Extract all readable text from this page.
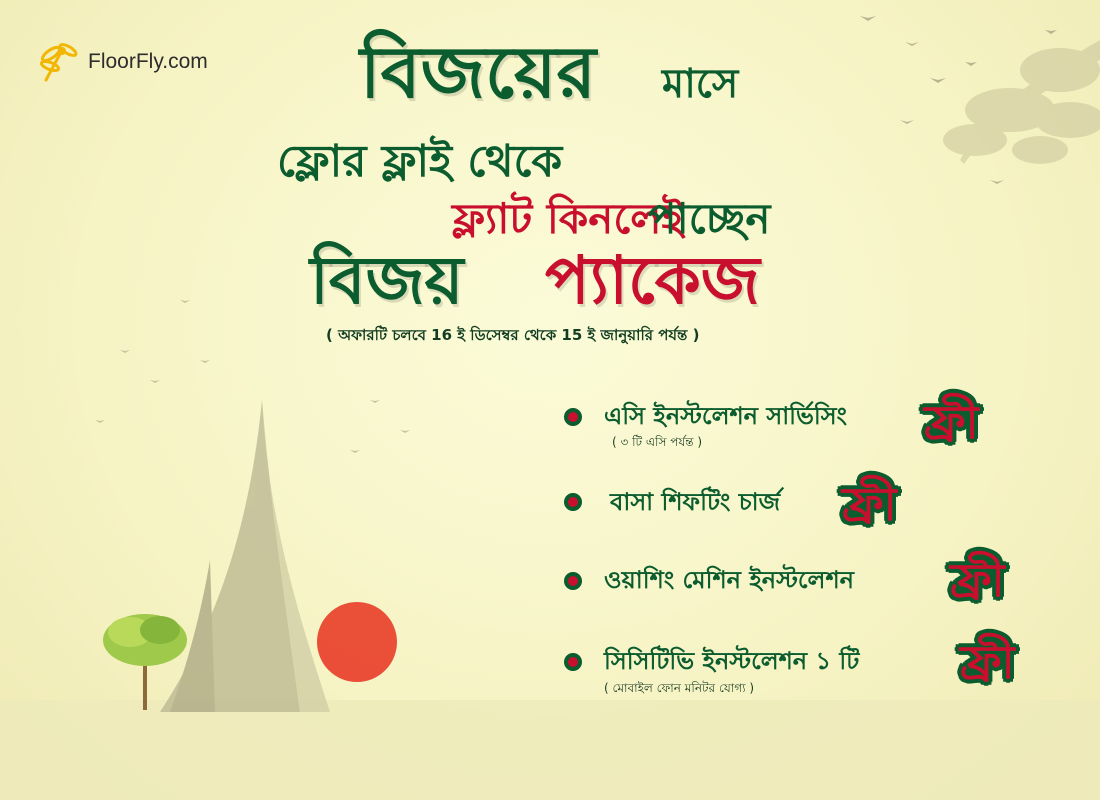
FloorFly.com বিজয়ের মাসে
ফ্লোর ফ্লাই থেকে
ফ্ল্যাট কিনলেই
পাচ্ছেন
বিজয় প্যাকেজ
( অফারটি চলবে 16 ই ডিসেম্বর থেকে 15 ই জানুয়ারি পর্যন্ত )
এসি ইনস্টলেশন সার্ভিসিং
( ৩ টি এসি পর্যন্ত )	ফ্রী
বাসা শিফটিং চার্জ ফ্রী
ওয়াশিং মেশিন ইনস্টলেশন ফ্রী
সিসিটিভি ইনস্টলেশন ১ টি
( মোবাইল ফোন মনিটর যোগ্য )	ফ্রী
